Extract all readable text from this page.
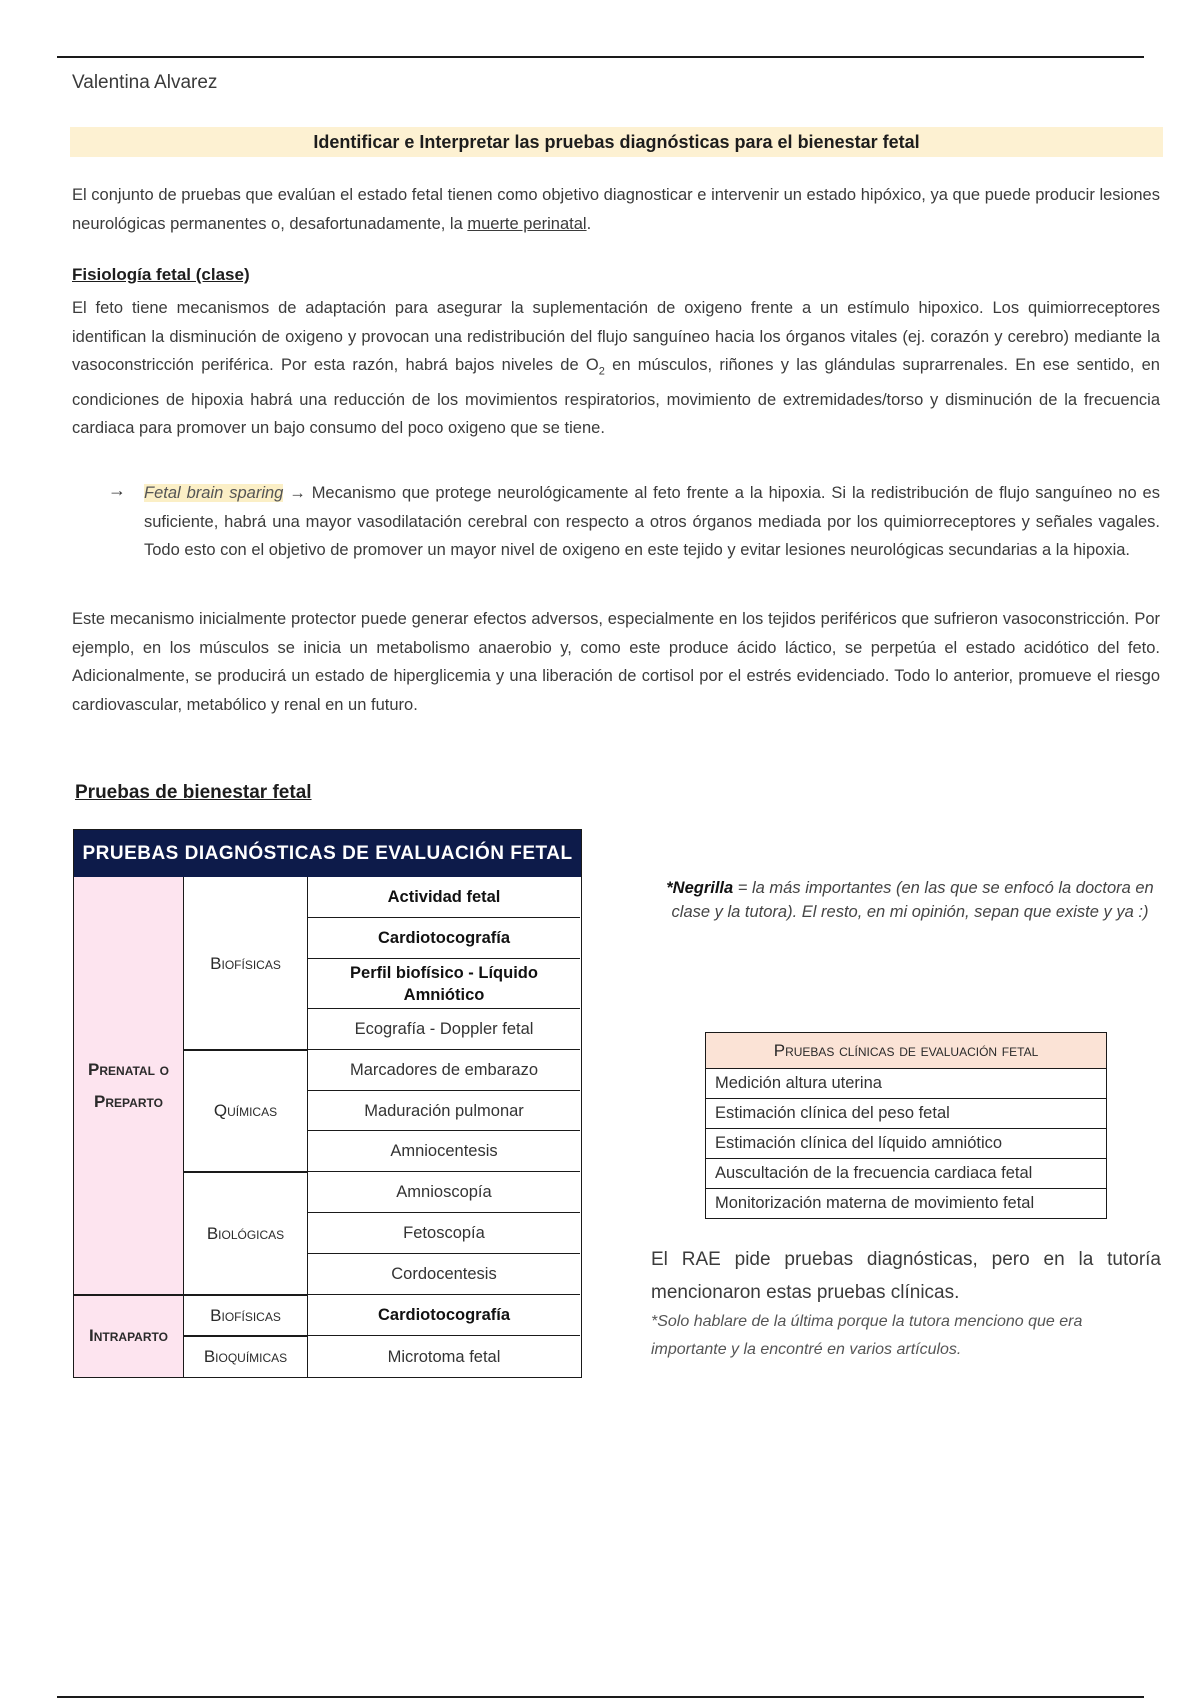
Valentina Alvarez
Identificar e Interpretar las pruebas diagnósticas para el bienestar fetal
El conjunto de pruebas que evalúan el estado fetal tienen como objetivo diagnosticar e intervenir un estado hipóxico, ya que puede producir lesiones neurológicas permanentes o, desafortunadamente, la muerte perinatal.
Fisiología fetal (clase)
El feto tiene mecanismos de adaptación para asegurar la suplementación de oxigeno frente a un estímulo hipoxico. Los quimiorreceptores identifican la disminución de oxigeno y provocan una redistribución del flujo sanguíneo hacia los órganos vitales (ej. corazón y cerebro) mediante la vasoconstricción periférica. Por esta razón, habrá bajos niveles de $O_2$ en músculos, riñones y las glándulas suprarrenales. En ese sentido, en condiciones de hipoxia habrá una reducción de los movimientos respiratorios, movimiento de extremidades/torso y disminución de la frecuencia cardiaca para promover un bajo consumo del poco oxigeno que se tiene.
→ Fetal brain sparing → Mecanismo que protege neurológicamente al feto frente a la hipoxia. Si la redistribución de flujo sanguíneo no es suficiente, habrá una mayor vasodilatación cerebral con respecto a otros órganos mediada por los quimiorreceptores y señales vagales. Todo esto con el objetivo de promover un mayor nivel de oxigeno en este tejido y evitar lesiones neurológicas secundarias a la hipoxia.
Este mecanismo inicialmente protector puede generar efectos adversos, especialmente en los tejidos periféricos que sufrieron vasoconstricción. Por ejemplo, en los músculos se inicia un metabolismo anaerobio y, como este produce ácido láctico, se perpetúa el estado acidótico del feto. Adicionalmente, se producirá un estado de hiperglicemia y una liberación de cortisol por el estrés evidenciado. Todo lo anterior, promueve el riesgo cardiovascular, metabólico y renal en un futuro.
Pruebas de bienestar fetal
PRUEBAS DIAGNÓSTICAS DE EVALUACIÓN FETAL
Prenatal o Preparto
Intraparto
Biofísicas
Químicas
Biológicas
Biofísicas
Bioquímicas
Actividad fetal
Cardiotocografía
Perfil biofísico - Líquido Amniótico
Ecografía - Doppler fetal
Marcadores de embarazo
Maduración pulmonar
Amniocentesis
Amnioscopía
Fetoscopía
Cordocentesis
Cardiotocografía
Microtoma fetal
*Negrilla = la más importantes (en las que se enfocó la doctora en clase y la tutora). El resto, en mi opinión, sepan que existe y ya :)
Pruebas clínicas de evaluación fetal
Medición altura uterina
Estimación clínica del peso fetal
Estimación clínica del líquido amniótico
Auscultación de la frecuencia cardiaca fetal
Monitorización materna de movimiento fetal
El RAE pide pruebas diagnósticas, pero en la tutoría mencionaron estas pruebas clínicas.
*Solo hablare de la última porque la tutora menciono que era importante y la encontré en varios artículos.
